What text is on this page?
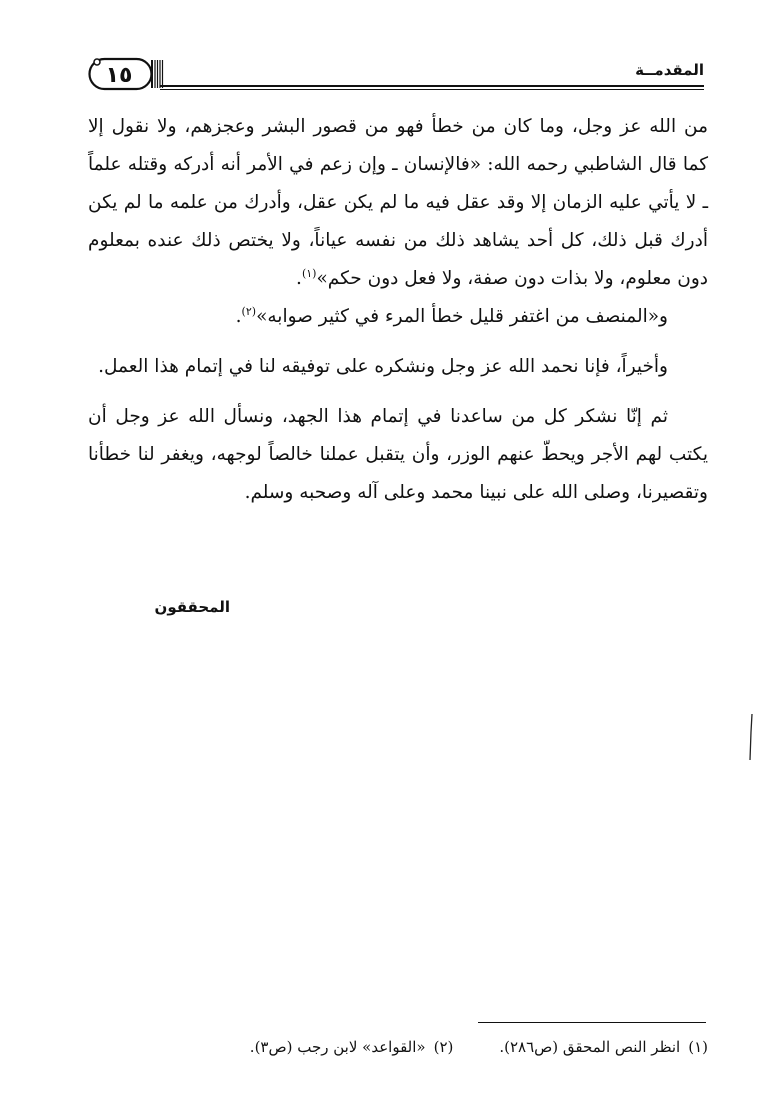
١٥	المقدمــة

من الله عز وجل، وما كان من خطأ فهو من قصور البشر وعجزهم، ولا نقول إلا كما قال الشاطبي رحمه الله: «فالإنسان ـ وإن زعم في الأمر أنه أدركه وقتله علماً ـ لا يأتي عليه الزمان إلا وقد عقل فيه ما لم يكن عقل، وأدرك من علمه ما لم يكن أدرك قبل ذلك، كل أحد يشاهد ذلك من نفسه عياناً، ولا يختص ذلك عنده بمعلوم دون معلوم، ولا بذات دون صفة، ولا فعل دون حكم»$^{(١)}$.

و«المنصف من اغتفر قليل خطأ المرء في كثير صوابه»$^{(٢)}$.

وأخيراً، فإنا نحمد الله عز وجل ونشكره على توفيقه لنا في إتمام هذا العمل.

ثم إنّا نشكر كل من ساعدنا في إتمام هذا الجهد، ونسأل الله عز وجل أن يكتب لهم الأجر ويحطّ عنهم الوزر، وأن يتقبل عملنا خالصاً لوجهه، ويغفر لنا خطأنا وتقصيرنا، وصلى الله على نبينا محمد وعلى آله وصحبه وسلم.

المحققون
(١)انظر النص المحقق (ص٢٨٦).(٢)«القواعد» لابن رجب (ص٣).
